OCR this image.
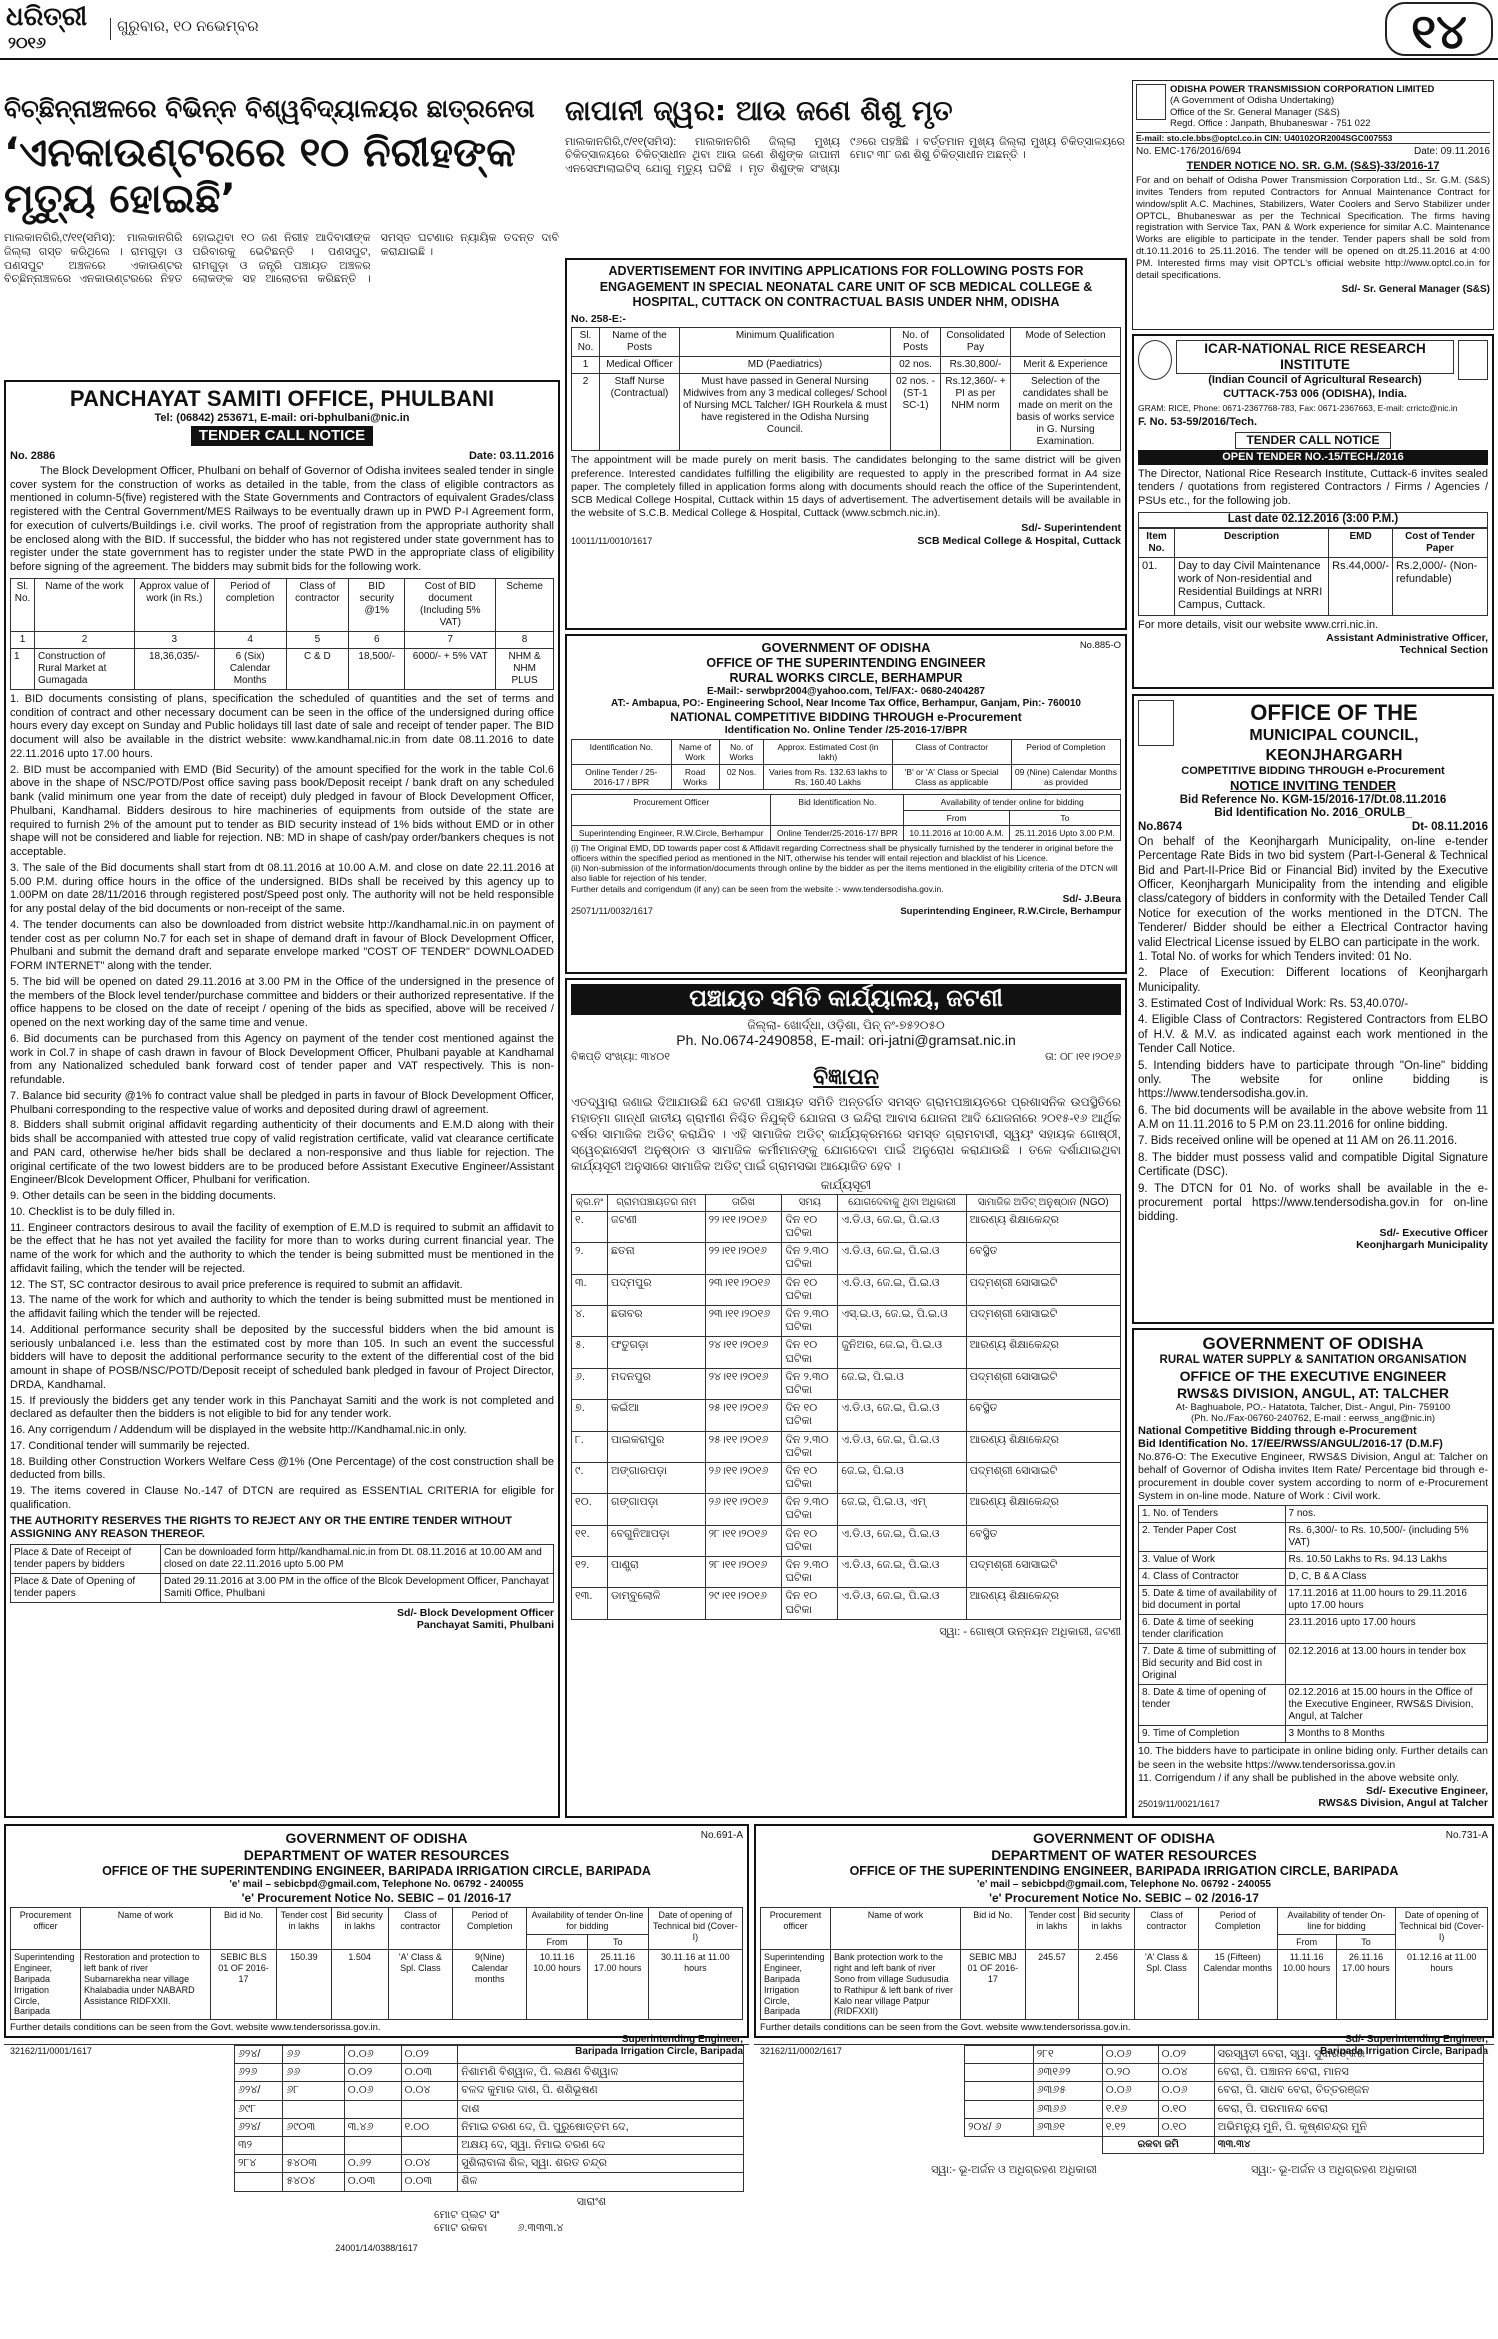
ଧରିତ୍ରୀ
୨୦୧୬
ଗୁରୁବାର, ୧୦ ନଭେମ୍ବର	୧୪
ବିଚ୍ଛିନ୍ନାଞ୍ଚଳରେ ବିଭିନ୍ନ ବିଶ୍ୱବିଦ୍ୟାଳୟର ଛାତ୍ରନେତା
‘ଏନକାଉଣ୍ଟରରେ ୧୦ ନିରୀହଙ୍କ ମୃତ୍ୟୁ ହୋଇଛି’
ମାଲକାନଗିରି,୯/୧୧(ସମିସ): ମାଲକାନଗିରି ଜିଲ୍ଲା ଗସ୍ତ କରିଥିଲେ । ରାମଗୁଡ଼ା ଓ ପଣସପୁଟ ଅଞ୍ଚଳରେ ଏକାଉଣ୍ଟର ବିଚ୍ଛିନ୍ନାଞ୍ଚଳରେ ଏନକାଉଣ୍ଟରରେ ନିହତ ହୋଇଥିବା ୧୦ ଜଣ ନିରୀହ ଆଦିବାସୀଙ୍କ ପରିବାରକୁ ଭେଟିଛନ୍ତି । ପଣସପୁଟ, ରାମଗୁଡ଼ା ଓ ଜନ୍ତ୍ରି ପଞ୍ଚାୟତ ଅଞ୍ଚଳର ଲୋକଙ୍କ ସହ ଆଲୋଚନା କରିଛନ୍ତି । ସମସ୍ତ ଘଟଣାର ନ୍ୟାୟିକ ତଦନ୍ତ ଦାବି କରାଯାଇଛି ।
ଜାପାନୀ ଜ୍ୱର: ଆଉ ଜଣେ ଶିଶୁ ମୃତ
ମାଲକାନଗିରି,୯/୧୧(ସମିସ): ମାଲକାନଗିରି ଜିଲ୍ଲା ମୁଖ୍ୟ ଚିକିତ୍ସାଳୟରେ ଚିକିତ୍ସାଧୀନ ଥିବା ଆଉ ଜଣେ ଶିଶୁଙ୍କ ଜାପାନୀ ଏନସେଫାଲାଇଟିସ୍ ଯୋଗୁ ମୃତ୍ୟୁ ଘଟିଛି । ମୃତ ଶିଶୁଙ୍କ ସଂଖ୍ୟା ୯୬ରେ ପହଞ୍ଚିଛି । ବର୍ତ୍ତମାନ ମୁଖ୍ୟ ଜିଲ୍ଲା ମୁଖ୍ୟ ଚିକିତ୍ସାଳୟରେ ମୋଟ ୩୮ ଜଣ ଶିଶୁ ଚିକିତ୍ସାଧୀନ ଅଛନ୍ତି ।
ODISHA POWER TRANSMISSION CORPORATION LIMITED
(A Government of Odisha Undertaking)
Office of the Sr. General Manager (S&S)
Regd. Office : Janpath, Bhubaneswar - 751 022
E-mail: sto.cle.bbs@optcl.co.in CIN: U40102OR2004SGC007553
No. EMC-176/2016/694	Date: 09.11.2016
TENDER NOTICE NO. SR. G.M. (S&S)-33/2016-17
For and on behalf of Odisha Power Transmission Corporation Ltd., Sr. G.M. (S&S) invites Tenders from reputed Contractors for Annual Maintenance Contract for window/split A.C. Machines, Stabilizers, Water Coolers and Servo Stabilizer under OPTCL, Bhubaneswar as per the Technical Specification. The firms having registration with Service Tax, PAN & Work experience for similar A.C. Maintenance Works are eligible to participate in the tender. Tender papers shall be sold from dt.10.11.2016 to 25.11.2016. The tender will be opened on dt.25.11.2016 at 4:00 PM. Interested firms may visit OPTCL's official website http://www.optcl.co.in for detail specifications.
Sd/- Sr. General Manager (S&S)
ADVERTISEMENT FOR INVITING APPLICATIONS FOR FOLLOWING POSTS FOR ENGAGEMENT IN SPECIAL NEONATAL CARE UNIT OF SCB MEDICAL COLLEGE & HOSPITAL, CUTTACK ON CONTRACTUAL BASIS UNDER NHM, ODISHA
No. 258-E:-
Sl. No.	Name of the Posts	Minimum Qualification	No. of Posts	Consolidated Pay	Mode of Selection
1	Medical Officer	MD (Paediatrics)	02 nos.	Rs.30,800/-	Merit & Experience
2	Staff Nurse (Contractual)	Must have passed in General Nursing Midwives from any 3 medical colleges/ School of Nursing MCL Talcher/ IGH Rourkela & must have registered in the Odisha Nursing Council.	02 nos. -(ST-1 SC-1)	Rs.12,360/- + PI as per NHM norm	Selection of the candidates shall be made on merit on the basis of works service in G. Nursing Examination.
The appointment will be made purely on merit basis. The candidates belonging to the same district will be given preference. Interested candidates fulfilling the eligibility are requested to apply in the prescribed format in A4 size paper. The completely filled in application forms along with documents should reach the office of the Superintendent, SCB Medical College Hospital, Cuttack within 15 days of advertisement. The advertisement details will be available in the website of S.C.B. Medical College & Hospital, Cuttack (www.scbmch.nic.in).
10011/11/0010/1617
Sd/- Superintendent
SCB Medical College & Hospital, Cuttack
ICAR-NATIONAL RICE RESEARCH INSTITUTE
(Indian Council of Agricultural Research)
CUTTACK-753 006 (ODISHA), India.
GRAM: RICE, Phone: 0671-2367768-783, Fax: 0671-2367663, E-mail: crrictc@nic.in
F. No. 53-59/2016/Tech.
TENDER CALL NOTICE
OPEN TENDER NO.-15/TECH./2016
The Director, National Rice Research Institute, Cuttack-6 invites sealed tenders / quotations from registered Contractors / Firms / Agencies / PSUs etc., for the following job.
Last date 02.12.2016 (3:00 P.M.)
Item No.	Description	EMD	Cost of Tender Paper
01.	Day to day Civil Maintenance work of Non-residential and Residential Buildings at NRRI Campus, Cuttack.	Rs.44,000/-	Rs.2,000/- (Non-refundable)
For more details, visit our website www.crri.nic.in.
Assistant Administrative Officer,
Technical Section
PANCHAYAT SAMITI OFFICE, PHULBANI
Tel: (06842) 253671, E-mail: ori-bphulbani@nic.in
TENDER CALL NOTICE
No. 2886	Date: 03.11.2016
The Block Development Officer, Phulbani on behalf of Governor of Odisha invitees sealed tender in single cover system for the construction of works as detailed in the table, from the class of eligible contractors as mentioned in column-5(five) registered with the State Governments and Contractors of equivalent Grades/class registered with the Central Government/MES Railways to be eventually drawn up in PWD P-I Agreement form, for execution of culverts/Buildings i.e. civil works. The proof of registration from the appropriate authority shall be enclosed along with the BID. If successful, the bidder who has not registered under state government has to register under the state government has to register under the state PWD in the appropriate class of eligibility before signing of the agreement. The bidders may submit bids for the following work.
Sl. No.	Name of the work	Approx value of work (in Rs.)	Period of completion	Class of contractor	BID security @1%	Cost of BID document (Including 5% VAT)	Scheme
1	2	3	4	5	6	7	8
1	Construction of Rural Market at Gumagada	18,36,035/-	6 (Six) Calendar Months	C & D	18,500/-	6000/- + 5% VAT	NHM & NHM PLUS

1. BID documents consisting of plans, specification the scheduled of quantities and the set of terms and condition of contract and other necessary document can be seen in the office of the undersigned during office hours every day except on Sunday and Public holidays till last date of sale and receipt of tender paper. The BID document will also be available in the district website: www.kandhamal.nic.in from date 08.11.2016 to date 22.11.2016 upto 17.00 hours.

2. BID must be accompanied with EMD (Bid Security) of the amount specified for the work in the table Col.6 above in the shape of NSC/POTD/Post office saving pass book/Deposit receipt / bank draft on any scheduled bank (valid minimum one year from the date of receipt) duly pledged in favour of Block Development Officer, Phulbani, Kandhamal. Bidders desirous to hire machineries of equipments from outside of the state are required to furnish 2% of the amount put to tender as BID security instead of 1% bids without EMD or in other shape will not be considered and liable for rejection. NB: MD in shape of cash/pay order/bankers cheques is not acceptable.

3. The sale of the Bid documents shall start from dt 08.11.2016 at 10.00 A.M. and close on date 22.11.2016 at 5.00 P.M. during office hours in the office of the undersigned. BIDs shall be received by this agency up to 1.00PM on date 28/11/2016 through registered post/Speed post only. The authority will not be held responsible for any postal delay of the bid documents or non-receipt of the same.

4. The tender documents can also be downloaded from district website http://kandhamal.nic.in on payment of tender cost as per column No.7 for each set in shape of demand draft in favour of Block Development Officer, Phulbani and submit the demand draft and separate envelope marked "COST OF TENDER" DOWNLOADED FORM INTERNET" along with the tender.

5. The bid will be opened on dated 29.11.2016 at 3.00 PM in the Office of the undersigned in the presence of the members of the Block level tender/purchase committee and bidders or their authorized representative. If the office happens to be closed on the date of receipt / opening of the bids as specified, above will be received / opened on the next working day of the same time and venue.

6. Bid documents can be purchased from this Agency on payment of the tender cost mentioned against the work in Col.7 in shape of cash drawn in favour of Block Development Officer, Phulbani payable at Kandhamal from any Nationalized scheduled bank forward cost of tender paper and VAT respectively. This is non-refundable.

7. Balance bid security @1% fo contract value shall be pledged in parts in favour of Block Development Officer, Phulbani corresponding to the respective value of works and deposited during drawl of agreement.

8. Bidders shall submit original affidavit regarding authenticity of their documents and E.M.D along with their bids shall be accompanied with attested true copy of valid registration certificate, valid vat clearance certificate and PAN card, otherwise he/her bids shall be declared a non-responsive and thus liable for rejection. The original certificate of the two lowest bidders are to be produced before Assistant Executive Engineer/Assistant Engineer/Blcok Development Officer, Phulbani for verification.

9. Other details can be seen in the bidding documents.

10. Checklist is to be duly filled in.

11. Engineer contractors desirous to avail the facility of exemption of E.M.D is required to submit an affidavit to be the effect that he has not yet availed the facility for more than to works during current financial year. The name of the work for which and the authority to which the tender is being submitted must be mentioned in the affidavit failing, which the tender will be rejected.

12. The ST, SC contractor desirous to avail price preference is required to submit an affidavit.

13. The name of the work for which and authority to which the tender is being submitted must be mentioned in the affidavit failing which the tender will be rejected.

14. Additional performance security shall be deposited by the successful bidders when the bid amount is seriously unbalanced i.e. less than the estimated cost by more than 105. In such an event the successful bidders will have to deposit the additional performance security to the extent of the differential cost of the bid amount in shape of POSB/NSC/POTD/Deposit receipt of scheduled bank pledged in favour of Project Director, DRDA, Kandhamal.

15. If previously the bidders get any tender work in this Panchayat Samiti and the work is not completed and declared as defaulter then the bidders is not eligible to bid for any tender work.

16. Any corrigendum / Addendum will be displayed in the website http://Kandhamal.nic.in only.

17. Conditional tender will summarily be rejected.

18. Building other Construction Workers Welfare Cess @1% (One Percentage) of the cost construction shall be deducted from bills.

19. The items covered in Clause No.-147 of DTCN are required as ESSENTIAL CRITERIA for eligible for qualification.

THE AUTHORITY RESERVES THE RIGHTS TO REJECT ANY OR THE ENTIRE TENDER WITHOUT ASSIGNING ANY REASON THEREOF.
Place & Date of Receipt of tender papers by bidders	Can be downloaded form http//kandhamal.nic.in from Dt. 08.11.2016 at 10.00 AM and closed on date 22.11.2016 upto 5.00 PM
Place & Date of Opening of tender papers	Dated 29.11.2016 at 3.00 PM in the office of the Blcok Development Officer, Panchayat Samiti Office, Phulbani
Sd/- Block Development Officer
Panchayat Samiti, Phulbani
GOVERNMENT OF ODISHA	No.885-O
OFFICE OF THE SUPERINTENDING ENGINEER
RURAL WORKS CIRCLE, BERHAMPUR
E-Mail:- serwbpr2004@yahoo.com, Tel/FAX:- 0680-2404287
AT:- Ambapua, PO:- Engineering School, Near Income Tax Office, Berhampur, Ganjam, Pin:- 760010
NATIONAL COMPETITIVE BIDDING THROUGH e-Procurement
Identification No. Online Tender /25-2016-17/BPR
Identification No.	Name of Work	No. of Works	Approx. Estimated Cost (in lakh)	Class of Contractor	Period of Completion
Online Tender / 25-2016-17 / BPR	Road Works	02 Nos.	Varies from Rs. 132.63 lakhs to Rs. 160.40 Lakhs	'B' or 'A' Class or Special Class as applicable	09 (Nine) Calendar Months as provided
Procurement Officer	Bid Identification No.	Availability of tender online for bidding	
		From	To
Superintending Engineer, R.W.Circle, Berhampur	Online Tender/25-2016-17/ BPR	10.11.2016 at 10:00 A.M.	25.11.2016 Upto 3.00 P.M.
(i) The Original EMD, DD towards paper cost & Affidavit regarding Correctness shall be physically furnished by the tenderer in original before the officers within the specified period as mentioned in the NIT, otherwise his tender will entail rejection and blacklist of his Licence.
(ii) Non-submission of the information/documents through online by the bidder as per the items mentioned in the eligibility criteria of the DTCN will also liable for rejection of his tender.
Further details and corrigendum (if any) can be seen from the website :- www.tendersodisha.gov.in.
Sd/- J.Beura
25071/11/0032/1617	Superintending Engineer, R.W.Circle, Berhampur
ପଞ୍ଚାୟତ ସମିତି କାର୍ଯ୍ୟାଳୟ, ଜଟଣୀ
ଜିଲ୍ଲା- ଖୋର୍ଦ୍ଧା, ଓଡ଼ିଶା, ପିନ୍ ନଂ-୭୫୨୦୫୦
Ph. No.0674-2490858, E-mail: ori-jatni@gramsat.nic.in
ବିଜ୍ଞପ୍ତି ସଂଖ୍ୟା: ୩୪୦୧	ତା: ୦୮।୧୧।୨୦୧୬
ବିଜ୍ଞାପନ
ଏତଦ୍ୱାରା ଜଣାଇ ଦିଆଯାଉଛି ଯେ ଜଟଣୀ ପଞ୍ଚାୟତ ସମିତି ଅନ୍ତର୍ଗତ ସମସ୍ତ ଗ୍ରାମପଞ୍ଚାୟତରେ ପ୍ରଶାସନିକ ଉପସ୍ଥିତିରେ ମହାତ୍ମା ଗାନ୍ଧୀ ଜାତୀୟ ଗ୍ରାମୀଣ ନିଶ୍ଚିତ ନିଯୁକ୍ତି ଯୋଜନା ଓ ଇନ୍ଦିରା ଆବାସ ଯୋଜନା ଆଦି ଯୋଜନାରେ ୨୦୧୫-୧୬ ଆର୍ଥିକ ବର୍ଷର ସାମାଜିକ ଅଡିଟ୍ କରାଯିବ । ଏହି ସାମାଜିକ ଅଡିଟ୍ କାର୍ଯ୍ୟକ୍ରମରେ ସମସ୍ତ ଗ୍ରାମବାସୀ, ସ୍ୱୟଂ ସହାୟକ ଗୋଷ୍ଠୀ, ସ୍ୱେଚ୍ଛାସେବୀ ଅନୁଷ୍ଠାନ ଓ ସାମାଜିକ କର୍ମୀମାନଙ୍କୁ ଯୋଗଦେବା ପାଇଁ ଅନୁରୋଧ କରାଯାଉଛି । ତଳେ ଦର୍ଶାଯାଇଥିବା କାର୍ଯ୍ୟସୂଚୀ ଅନୁସାରେ ସାମାଜିକ ଅଡିଟ୍ ପାଇଁ ଗ୍ରାମସଭା ଆୟୋଜିତ ହେବ ।
କାର୍ଯ୍ୟସୂଚୀ
କ୍ର.ନଂ	ଗ୍ରାମପଞ୍ଚାୟତର ନାମ	ତାରିଖ	ସମୟ	ଯୋଗଦେବାକୁ ଥିବା ଅଧିକାରୀ	ସାମାଜିକ ଅଡିଟ୍ ଅନୁଷ୍ଠାନ (NGO)
୧.	ଜଟଣୀ	୨୨।୧୧।୨୦୧୬	ଦିନ ୧୦ ଘଟିକା	ଏ.ଡି.ଓ, ଜେ.ଇ, ପି.ଇ.ଓ	ଆରଣ୍ୟ ଶିକ୍ଷାକେନ୍ଦ୍ର
୨.	ଛତନା	୨୨।୧୧।୨୦୧୬	ଦିନ ୨.୩୦ ଘଟିକା	ଏ.ଡି.ଓ, ଜେ.ଇ, ପି.ଇ.ଓ	ବେସ୍ଥିତ
୩.	ପଦ୍ମପୁର	୨୩।୧୧।୨୦୧୬	ଦିନ ୧୦ ଘଟିକା	ଏ.ଡି.ଓ, ଜେ.ଇ, ପି.ଇ.ଓ	ପଦ୍ମଶ୍ରୀ ସୋସାଇଟି
୪.	ଛତାବର	୨୩।୧୧।୨୦୧୬	ଦିନ ୨.୩୦ ଘଟିକା	ଏସ୍.ଇ.ଓ, ଜେ.ଇ, ପି.ଇ.ଓ	ପଦ୍ମଶ୍ରୀ ସୋସାଇଟି
୫.	ଫତୁଗଡ଼ା	୨୪।୧୧।୨୦୧୬	ଦିନ ୧୦ ଘଟିକା	ଜୁନିଅର, ଜେ.ଇ, ପି.ଇ.ଓ	ଆରଣ୍ୟ ଶିକ୍ଷାକେନ୍ଦ୍ର
୬.	ମଦନପୁର	୨୪।୧୧।୨୦୧୬	ଦିନ ୨.୩୦ ଘଟିକା	ଜେ.ଇ, ପି.ଇ.ଓ	ପଦ୍ମଶ୍ରୀ ସୋସାଇଟି
୭.	କଇଁଆ	୨୫।୧୧।୨୦୧୬	ଦିନ ୧୦ ଘଟିକା	ଏ.ଡି.ଓ, ଜେ.ଇ, ପି.ଇ.ଓ	ବେସ୍ଥିତ
୮.	ପାଇକରାପୁର	୨୫।୧୧।୨୦୧୬	ଦିନ ୨.୩୦ ଘଟିକା	ଏ.ଡି.ଓ, ଜେ.ଇ, ପି.ଇ.ଓ	ଆରଣ୍ୟ ଶିକ୍ଷାକେନ୍ଦ୍ର
୯.	ଅଙ୍ଗାରପଡ଼ା	୨୬।୧୧।୨୦୧୬	ଦିନ ୧୦ ଘଟିକା	ଜେ.ଇ, ପି.ଇ.ଓ	ପଦ୍ମଶ୍ରୀ ସୋସାଇଟି
୧୦.	ଗଙ୍ଗାପଡ଼ା	୨୬।୧୧।୨୦୧୬	ଦିନ ୨.୩୦ ଘଟିକା	ଜେ.ଇ, ପି.ଇ.ଓ, ଏମ୍	ଆରଣ୍ୟ ଶିକ୍ଷାକେନ୍ଦ୍ର
୧୧.	ବେଗୁନିଆପଡ଼ା	୨୮।୧୧।୨୦୧୬	ଦିନ ୧୦ ଘଟିକା	ଏ.ଡି.ଓ, ଜେ.ଇ, ପି.ଇ.ଓ	ବେସ୍ଥିତ
୧୨.	ପାଣ୍ଡ୍ରା	୨୮।୧୧।୨୦୧୬	ଦିନ ୨.୩୦ ଘଟିକା	ଏ.ଡି.ଓ, ଜେ.ଇ, ପି.ଇ.ଓ	ପଦ୍ମଶ୍ରୀ ସୋସାଇଟି
୧୩.	ଡାମ୍ବୁଲୋଳି	୨୯।୧୧।୨୦୧୬	ଦିନ ୧୦ ଘଟିକା	ଏ.ଡି.ଓ, ଜେ.ଇ, ପି.ଇ.ଓ	ଆରଣ୍ୟ ଶିକ୍ଷାକେନ୍ଦ୍ର
ସ୍ୱା: - ଗୋଷ୍ଠୀ ଉନ୍ନୟନ ଅଧିକାରୀ, ଜଟଣୀ
OFFICE OF THE
MUNICIPAL COUNCIL, KEONJHARGARH
COMPETITIVE BIDDING THROUGH e-Procurement
NOTICE INVITING TENDER
Bid Reference No. KGM-15/2016-17/Dt.08.11.2016
Bid Identification No. 2016_ORULB_
No.8674	Dt- 08.11.2016
On behalf of the Keonjhargarh Municipality, on-line e-tender Percentage Rate Bids in two bid system (Part-I-General & Technical Bid and Part-II-Price Bid or Financial Bid) invited by the Executive Officer, Keonjhargarh Municipality from the intending and eligible class/category of bidders in conformity with the Detailed Tender Call Notice for execution of the works mentioned in the DTCN. The Tenderer/ Bidder should be either a Electrical Contractor having valid Electrical License issued by ELBO can participate in the work.

1. Total No. of works for which Tenders invited: 01 No.

2. Place of Execution: Different locations of Keonjhargarh Municipality.

3. Estimated Cost of Individual Work: Rs. 53,40.070/-

4. Eligible Class of Contractors: Registered Contractors from ELBO of H.V. & M.V. as indicated against each work mentioned in the Tender Call Notice.

5. Intending bidders have to participate through "On-line" bidding only. The website for online bidding is https://www.tendersodisha.gov.in.

6. The bid documents will be available in the above website from 11 A.M on 11.11.2016 to 5 P.M on 23.11.2016 for online bidding.

7. Bids received online will be opened at 11 AM on 26.11.2016.

8. The bidder must possess valid and compatible Digital Signature Certificate (DSC).

9. The DTCN for 01 No. of works shall be available in the e-procurement portal https://www.tendersodisha.gov.in for on-line bidding.

Sd/- Executive Officer
Keonjhargarh Municipality
GOVERNMENT OF ODISHA
RURAL WATER SUPPLY & SANITATION ORGANISATION
OFFICE OF THE EXECUTIVE ENGINEER
RWS&S DIVISION, ANGUL, AT: TALCHER
At- Baghuabole, PO.- Hatatota, Talcher, Dist.- Angul, Pin- 759100
(Ph. No./Fax-06760-240762, E-mail : eerwss_ang@nic.in)
National Competitive Bidding through e-Procurement
Bid Identification No. 17/EE/RWSS/ANGUL/2016-17 (D.M.F)
No.876-O: The Executive Engineer, RWS&S Division, Angul at: Talcher on behalf of Governor of Odisha invites Item Rate/ Percentage bid through e-procurement in double cover system according to norm of e-Procurement System in on-line mode. Nature of Work : Civil work.
1. No. of Tenders	7 nos.
2. Tender Paper Cost	Rs. 6,300/- to Rs. 10,500/- (including 5% VAT)
3. Value of Work	Rs. 10.50 Lakhs to Rs. 94.13 Lakhs
4. Class of Contractor	D, C, B & A Class
5. Date & time of availability of bid document in portal	17.11.2016 at 11.00 hours to 29.11.2016 upto 17.00 hours
6. Date & time of seeking tender clarification	23.11.2016 upto 17.00 hours
7. Date & time of submitting of Bid security and Bid cost in Original	02.12.2016 at 13.00 hours in tender box
8. Date & time of opening of tender	02.12.2016 at 15.00 hours in the Office of the Executive Engineer, RWS&S Division, Angul, at Talcher
9. Time of Completion	3 Months to 8 Months
10. The bidders have to participate in online biding only. Further details can be seen in the website https://www.tendersorissa.gov.in
11. Corrigendum / if any shall be published in the above website only.
25019/11/0021/1617
Sd/- Executive Engineer,
RWS&S Division, Angul at Talcher
GOVERNMENT OF ODISHA	No.691-A
DEPARTMENT OF WATER RESOURCES
OFFICE OF THE SUPERINTENDING ENGINEER, BARIPADA IRRIGATION CIRCLE, BARIPADA
'e' mail – sebicbpd@gmail.com, Telephone No. 06792 - 240055
'e' Procurement Notice No. SEBIC – 01 /2016-17
Procurement officer	Name of work	Bid id No.	Tender cost in lakhs	Bid security in lakhs	Class of contractor	Period of Completion	Availability of tender On-line for bidding		Date of opening of Technical bid (Cover-I)
							From	To	
Superintending Engineer, Baripada Irrigation Circle, Baripada	Restoration and protection to left bank of river Subarnarekha near village Khalabadia under NABARD Assistance RIDFXXII.	SEBIC BLS 01 OF 2016-17	150.39	1.504	'A' Class & Spl. Class	9(Nine) Calendar months	10.11.16 10.00 hours	25.11.16 17.00 hours	30.11.16 at 11.00 hours
Further details conditions can be seen from the Govt. website www.tendersorissa.gov.in.
Superintending Engineer,
32162/11/0001/1617	Baripada Irrigation Circle, Baripada
GOVERNMENT OF ODISHA	No.731-A
DEPARTMENT OF WATER RESOURCES
OFFICE OF THE SUPERINTENDING ENGINEER, BARIPADA IRRIGATION CIRCLE, BARIPADA
'e' mail – sebicbpd@gmail.com, Telephone No. 06792 - 240055
'e' Procurement Notice No. SEBIC – 02 /2016-17
Procurement officer	Name of work	Bid id No.	Tender cost in lakhs	Bid security in lakhs	Class of contractor	Period of Completion	Availability of tender On-line for bidding		Date of opening of Technical bid (Cover-I)
							From	To	
Superintending Engineer, Baripada Irrigation Circle, Baripada	Bank protection work to the right and left bank of river Sono from village Sudusudia to Rathipur & left bank of river Kalo near village Patpur (RIDFXXII)	SEBIC MBJ 01 OF 2016-17	245.57	2.456	'A' Class & Spl. Class	15 (Fifteen) Calendar months	11.11.16 10.00 hours	26.11.16 17.00 hours	01.12.16 at 11.00 hours
Further details conditions can be seen from the Govt. website www.tendersorissa.gov.in.
Sd/- Superintending Engineer,
32162/11/0002/1617	Baripada Irrigation Circle, Baripada
୬୨୪/	୬୬	୦.୦୬	୦.୦୨	
୬୨୬	୬୬	୦.୦୨	୦.୦୩	ନିଶାମଣି ବିଶ୍ୱାଳ, ପି. ଲକ୍ଷଣ ବିଶ୍ୱାଳ
୬୨୪/	୬୮	୦.୦୬	୦.୦୪	ବଳଦ କୁମାର ଦାଶ, ପି. ଶଶିଭୂଷଣ
୬୯୮				ଦାଶ
୬୨୪/	୬୯୦୩	୩.୪୬	୧.୦୦	ନିମାଇ ଚରଣ ଦେ, ପି. ପୁରୁଷୋତ୍ତମ ଦେ,
୩୨				ଅକ୍ଷୟ ଦେ, ସ୍ୱା. ନିମାଇ ଚରଣ ଦେ
୨୮୪	୫୪୦୩	୦.୬୨	୦.୦୪	ସୁଶିଲାବାଳା ଶିଳ, ସ୍ୱା. ଶରତ ଚନ୍ଦ୍ର
	୫୪୦୪	୦.୦୩	୦.୦୩	ଶିଳ
ସାରାଂଶ
ମୋଟ ପ୍ଲଟ ସଂ
ମୋଟ ରକବା	୬.୩୩୩.୪
24001/14/0388/1617
	୨୮୧	୦.୦୬	୦.୦୨	ସରସ୍ୱତୀ ବେରା, ସ୍ୱା. ସୁଦାଶଙ୍କର
	୬୩୧୬୨	୦.୨୦	୦.୦୪	ବେରା, ପି. ପଞ୍ଚାନନ ବେରା, ମାନସ
	୬୩୬୫	୦.୦୬	୦.୦୬	ବେରା, ପି. ସାଧବ ବେରା, ଚିତ୍ତରଞ୍ଜନ
	୬୩୬୬	୧.୧୬	୦.୧୦	ବେରା, ପି. ପରମାନନ୍ଦ ବେରା
୨୦୪/ ୬	୬୩୬୧	୧.୧୨	୦.୧୦	ଅଭିମନ୍ୟୁ ମୁନି, ପି. କୃଷ୍ଣଚନ୍ଦ୍ର ମୁନି
		ରକବା ଜମି		୩୩.୩୪
ସ୍ୱା:- ଭୂ-ଅର୍ଜନ ଓ ଅଧିଗ୍ରହଣ ଅଧିକାରୀ	ସ୍ୱା:- ଭୂ-ଅର୍ଜନ ଓ ଅଧିଗ୍ରହଣ ଅଧିକାରୀ
